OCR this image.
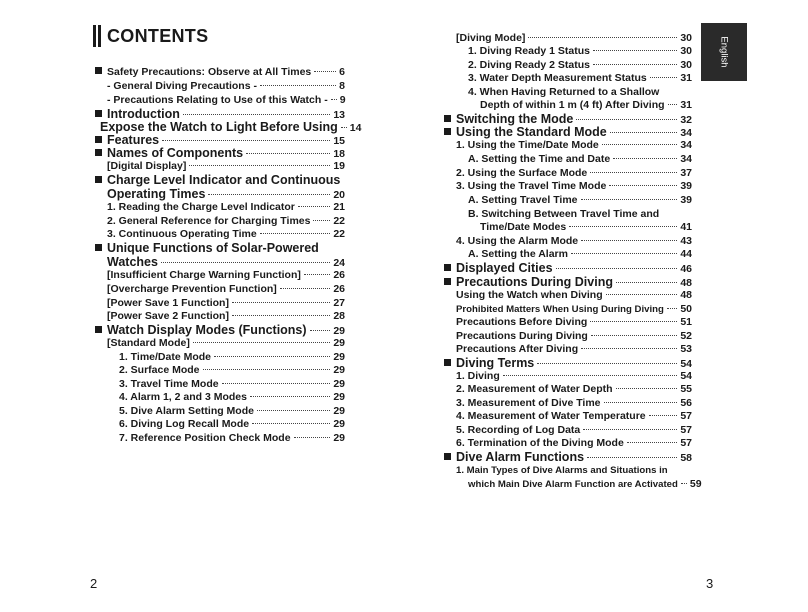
CONTENTS
English
Safety Precautions: Observe at All Times	6
- General Diving Precautions -	8
- Precautions Relating to Use of this Watch - 9
Introduction	13
Expose the Watch to Light Before Using 14
Features	15
Names of Components	18
[Digital Display]	19
Charge Level Indicator and Continuous
Operating Times	20
1. Reading the Charge Level Indicator	21
2. General Reference for Charging Times 22
3. Continuous Operating Time	22
Unique Functions of Solar-Powered
Watches	24
[Insufficient Charge Warning Function]	26
[Overcharge Prevention Function]	26
[Power Save 1 Function]	27
[Power Save 2 Function]	28
Watch Display Modes (Functions)	29
[Standard Mode]	29
1. Time/Date Mode	29
2. Surface Mode	29
3. Travel Time Mode	29
4. Alarm 1, 2 and 3 Modes	29
5. Dive Alarm Setting Mode	29
6. Diving Log Recall Mode	29
7. Reference Position Check Mode	29
[Diving Mode]	30
1. Diving Ready 1 Status	30
2. Diving Ready 2 Status	30
3. Water Depth Measurement Status	31
4. When Having Returned to a Shallow
Depth of within 1 m (4 ft) After Diving 31
Switching the Mode	32
Using the Standard Mode	34
1. Using the Time/Date Mode	34
A. Setting the Time and Date	34
2. Using the Surface Mode	37
3. Using the Travel Time Mode	39
A. Setting Travel Time	39
B. Switching Between Travel Time and
Time/Date Modes	41
4. Using the Alarm Mode	43
A. Setting the Alarm	44
Displayed Cities	46
Precautions During Diving	48
Using the Watch when Diving	48
Prohibited Matters When Using During Diving 50
Precautions Before Diving	51
Precautions During Diving	52
Precautions After Diving	53
Diving Terms	54
1. Diving	54
2. Measurement of Water Depth	55
3. Measurement of Dive Time	56
4. Measurement of Water Temperature	57
5. Recording of Log Data	57
6. Termination of the Diving Mode	57
Dive Alarm Functions	58
1. Main Types of Dive Alarms and Situations in
which Main Dive Alarm Function are Activated 59
2	3
